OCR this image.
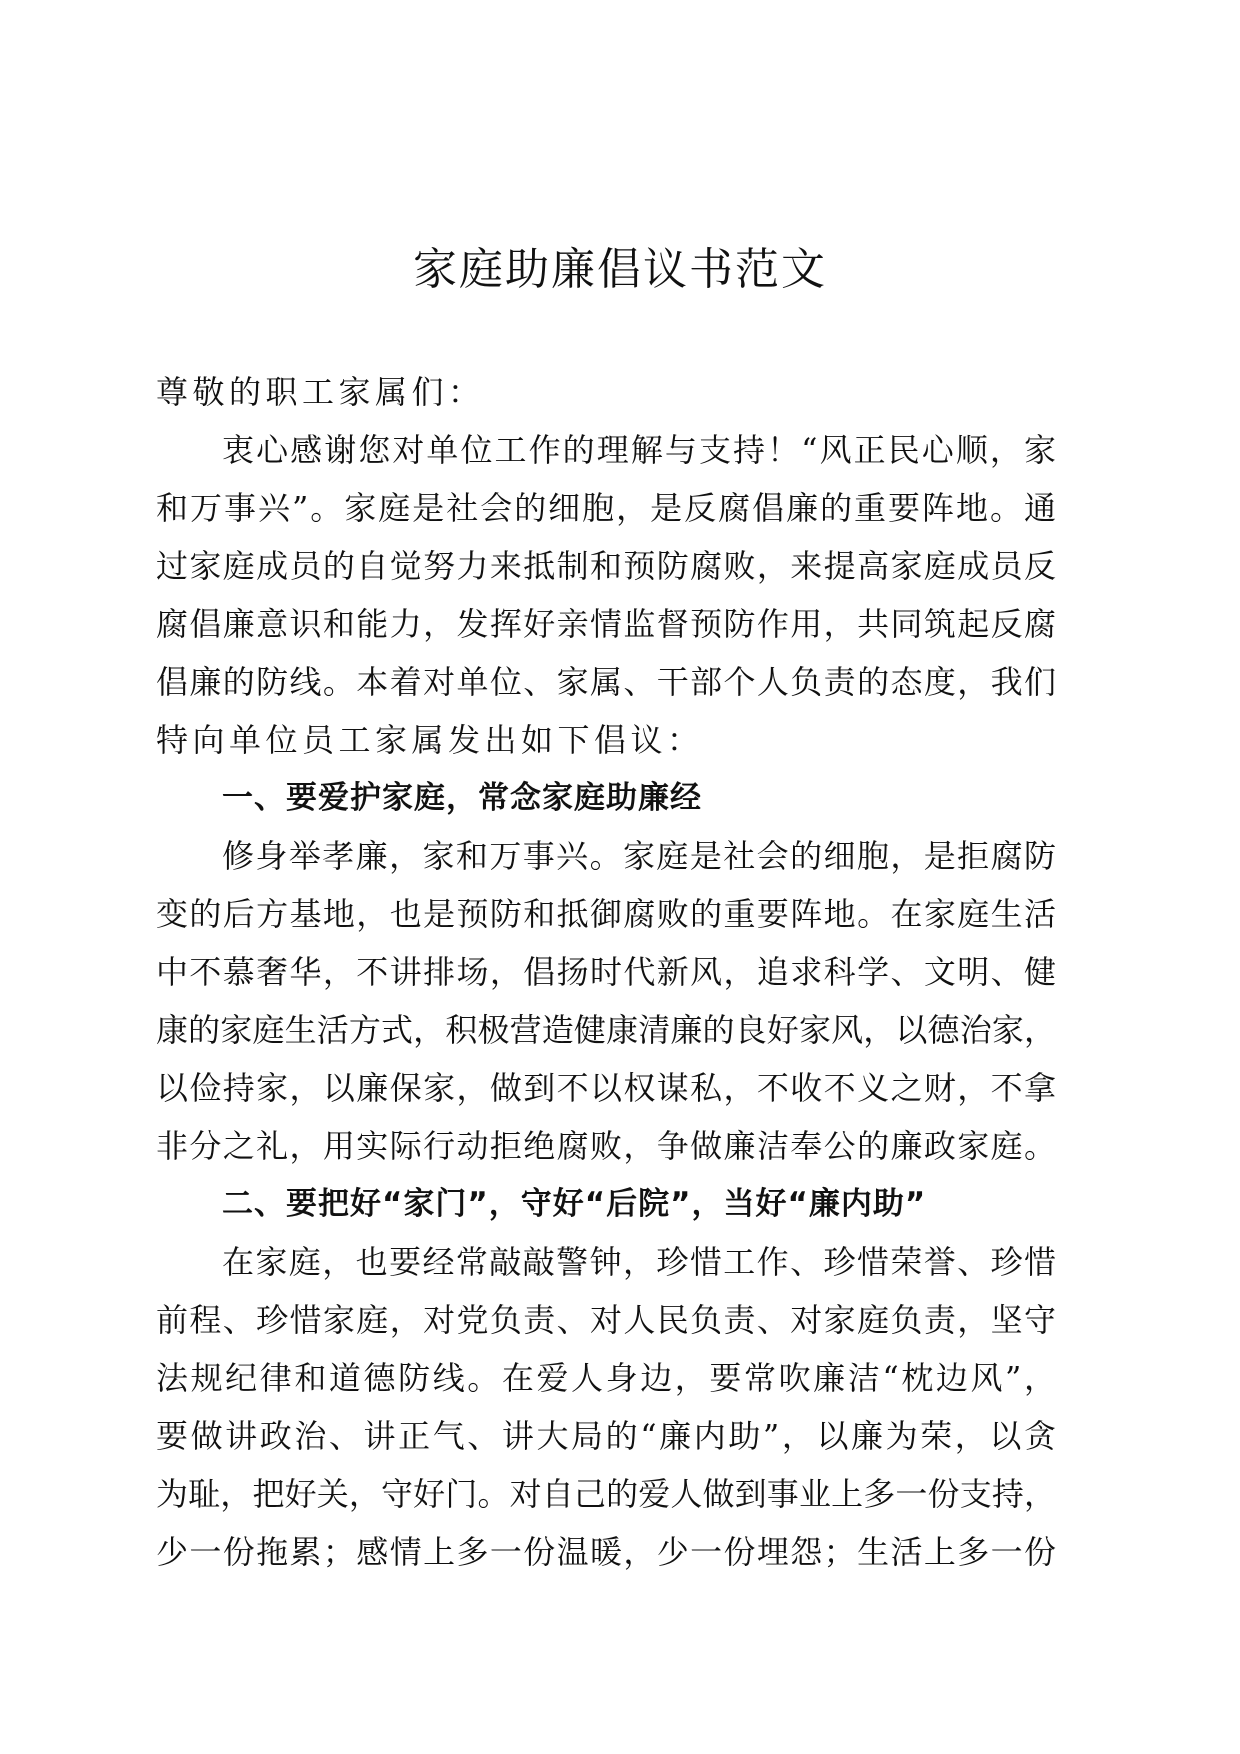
家庭助廉倡议书范文
尊敬的职工家属们：
衷心感谢您对单位工作的理解与支持！“风正民心顺，家
和万事兴”。家庭是社会的细胞，是反腐倡廉的重要阵地。通
过家庭成员的自觉努力来抵制和预防腐败，来提高家庭成员反
腐倡廉意识和能力，发挥好亲情监督预防作用，共同筑起反腐
倡廉的防线。本着对单位、家属、干部个人负责的态度，我们
特向单位员工家属发出如下倡议：
一、要爱护家庭，常念家庭助廉经
修身举孝廉，家和万事兴。家庭是社会的细胞，是拒腐防
变的后方基地，也是预防和抵御腐败的重要阵地。在家庭生活
中不慕奢华，不讲排场，倡扬时代新风，追求科学、文明、健
康的家庭生活方式，积极营造健康清廉的良好家风，以德治家，
以俭持家，以廉保家，做到不以权谋私，不收不义之财，不拿
非分之礼，用实际行动拒绝腐败，争做廉洁奉公的廉政家庭。
二、要把好“家门”，守好“后院”，当好“廉内助”
在家庭，也要经常敲敲警钟，珍惜工作、珍惜荣誉、珍惜
前程、珍惜家庭，对党负责、对人民负责、对家庭负责，坚守
法规纪律和道德防线。在爱人身边，要常吹廉洁“枕边风”，
要做讲政治、讲正气、讲大局的“廉内助”，以廉为荣，以贪
为耻，把好关，守好门。对自己的爱人做到事业上多一份支持，
少一份拖累；感情上多一份温暖，少一份埋怨；生活上多一份
